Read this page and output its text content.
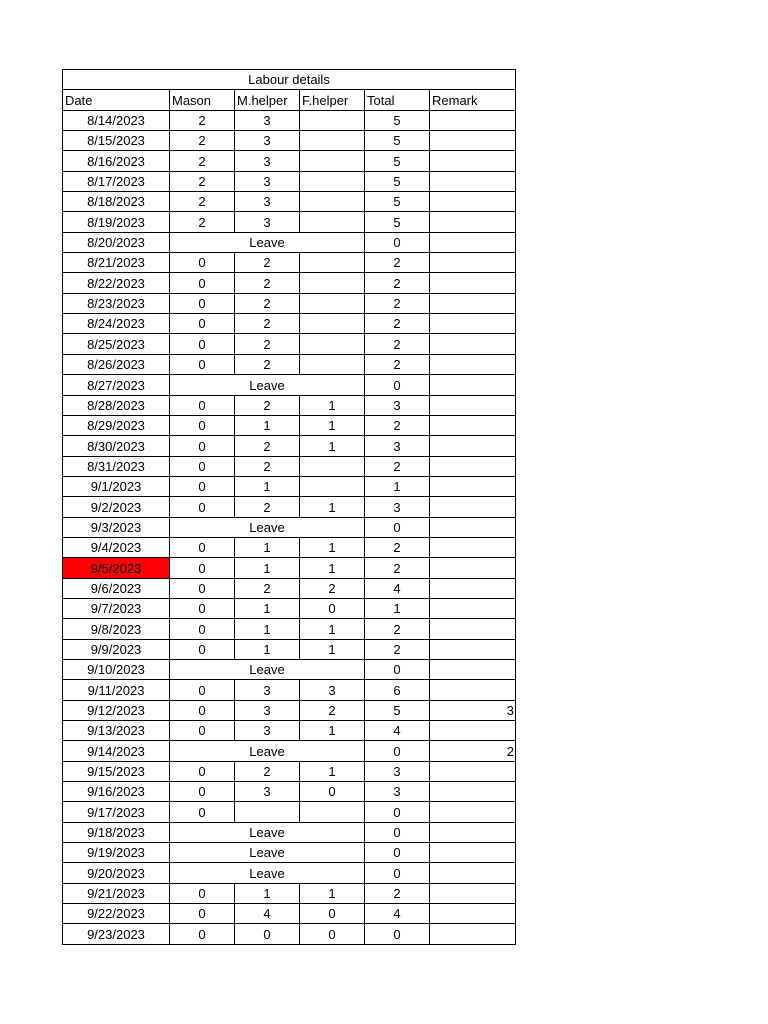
Labour details					
Date	Mason	M.helper	F.helper	Total	Remark
8/14/2023	2	3		5	
8/15/2023	2	3		5	
8/16/2023	2	3		5	
8/17/2023	2	3		5	
8/18/2023	2	3		5	
8/19/2023	2	3		5	
8/20/2023	Leave			0	
8/21/2023	0	2		2	
8/22/2023	0	2		2	
8/23/2023	0	2		2	
8/24/2023	0	2		2	
8/25/2023	0	2		2	
8/26/2023	0	2		2	
8/27/2023	Leave			0	
8/28/2023	0	2	1	3	
8/29/2023	0	1	1	2	
8/30/2023	0	2	1	3	
8/31/2023	0	2		2	
9/1/2023	0	1		1	
9/2/2023	0	2	1	3	
9/3/2023	Leave			0	
9/4/2023	0	1	1	2	
9/5/2023	0	1	1	2	
9/6/2023	0	2	2	4	
9/7/2023	0	1	0	1	
9/8/2023	0	1	1	2	
9/9/2023	0	1	1	2	
9/10/2023	Leave			0	
9/11/2023	0	3	3	6	
9/12/2023	0	3	2	5	3
9/13/2023	0	3	1	4	
9/14/2023	Leave			0	2
9/15/2023	0	2	1	3	
9/16/2023	0	3	0	3	
9/17/2023	0			0	
9/18/2023	Leave			0	
9/19/2023	Leave			0	
9/20/2023	Leave			0	
9/21/2023	0	1	1	2	
9/22/2023	0	4	0	4	
9/23/2023	0	0	0	0	
